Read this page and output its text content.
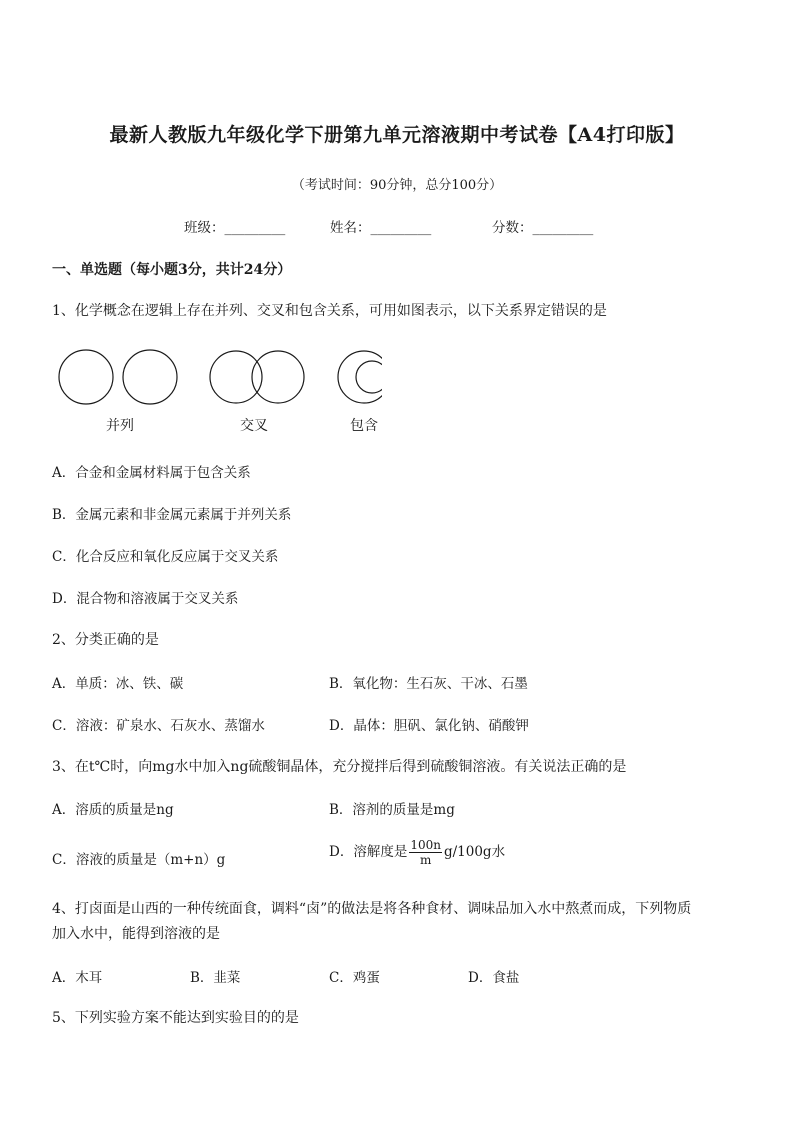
最新人教版九年级化学下册第九单元溶液期中考试卷【A4打印版】
（考试时间：90分钟，总分100分）
班级：_________	姓名：_________	分数：_________
一、单选题（每小题3分，共计24分）
1、化学概念在逻辑上存在并列、交叉和包含关系，可用如图表示，以下关系界定错误的是
并列	交叉	包含
A．合金和金属材料属于包含关系
B．金属元素和非金属元素属于并列关系
C．化合反应和氧化反应属于交叉关系
D．混合物和溶液属于交叉关系
2、分类正确的是
A．单质：冰、铁、碳	B．氧化物：生石灰、干冰、石墨
C．溶液：矿泉水、石灰水、蒸馏水	D．晶体：胆矾、氯化钠、硝酸钾
3、在t℃时，向mg水中加入ng硫酸铜晶体，充分搅拌后得到硫酸铜溶液。有关说法正确的是
A．溶质的质量是ng	B．溶剂的质量是mg
C．溶液的质量是（m+n）g	D．溶解度是 $\frac{100n}{m} g/100g$水
4、打卤面是山西的一种传统面食，调料“卤”的做法是将各种食材、调味品加入水中熬煮而成，下列物质
加入水中，能得到溶液的是
A．木耳	B．韭菜	C．鸡蛋	D．食盐
5、下列实验方案不能达到实验目的的是
